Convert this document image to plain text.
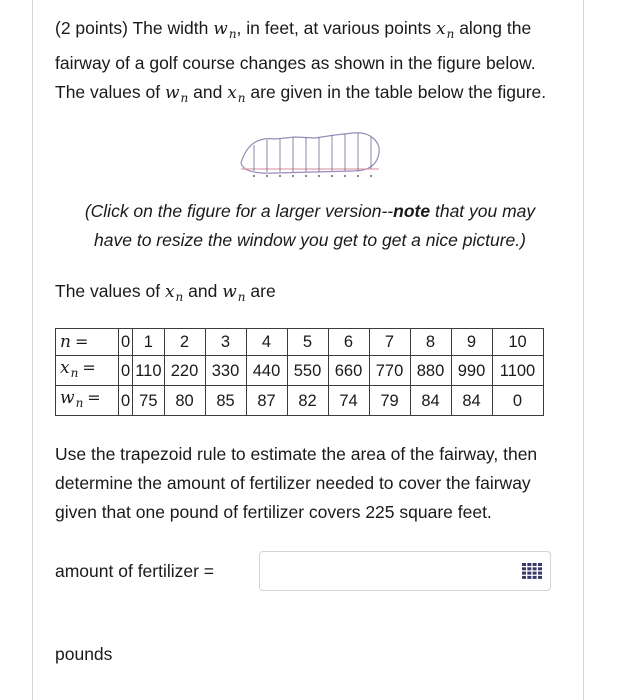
(2 points) The width $w_n$, in feet, at various points $x_n$ along the fairway of a golf course changes as shown in the figure below. The values of $w_n$ and $x_n$ are given in the table below the figure.

(Click on the figure for a larger version--note that you may have to resize the window you get to get a nice picture.)

The values of $x_n$ and $w_n$ are

n =	0	1	2	3	4	5	6	7	8	9	10
$x_n$ =	0	110	220	330	440	550	660	770	880	990	1100
$w_n$ =	0	75	80	85	87	82	74	79	84	84	0

Use the trapezoid rule to estimate the area of the fairway, then determine the amount of fertilizer needed to cover the fairway given that one pound of fertilizer covers 225 square feet.

amount of fertilizer =
pounds
